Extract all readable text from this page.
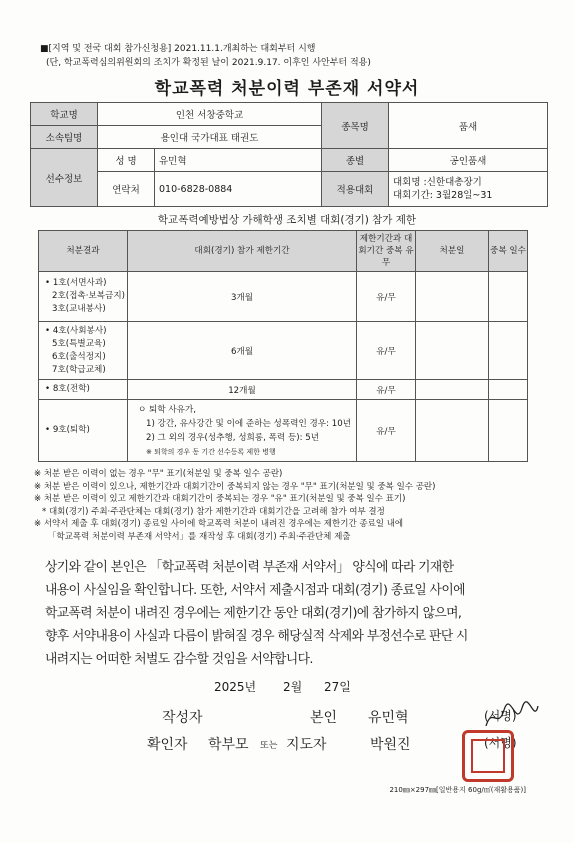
■[지역 및 전국 대회 참가신청용] 2021.11.1.개최하는 대회부터 시행
(단, 학교폭력심의위원회의 조치가 확정된 날이 2021.9.17. 이후인 사안부터 적용)
학교폭력 처분이력 부존재 서약서
학교명	인천 서창중학교		종목명	품새
소속팀명	용인대 국가대표 태권도			
선수정보	성 명	유민혁	종별	공인품새
	연락처	010-6828-0884	적용대회	대회명 :신한대총장기
대회기간: 3월28일~31
학교폭력예방법상 가해학생 조치별 대회(경기) 참가 제한
처분결과	대회(경기) 참가 제한기간	제한기간과 대회기간 중복 유무	처분일	중복 일수

• 1호(서면사과)
2호(접촉·보복금지)
3호(교내봉사)	3개월	유/무		

• 4호(사회봉사)
5호(특별교육)
6호(출석정지)
7호(학급교체)	6개월	유/무		
• 8호(전학)	12개월	유/무		
• 9호(퇴학)	ㅇ 퇴학 사유가,
1) 강간, 유사강간 및 이에 준하는 성폭력인 경우: 10년
2) 그 외의 경우(성추행, 성희롱, 폭력 등): 5년
※ 퇴학의 경우 동 기간 선수등록 제한 병행	유/무		
※ 처분 받은 이력이 없는 경우 "무" 표기(처분일 및 중복 일수 공란)
※ 처분 받은 이력이 있으나, 제한기간과 대회기간이 중복되지 않는 경우 "무" 표기(처분일 및 중복 일수 공란)
※ 처분 받은 이력이 있고 제한기간과 대회기간이 중복되는 경우 "유" 표기(처분일 및 중복 일수 표기)
* 대회(경기) 주최·주관단체는 대회(경기) 참가 제한기간과 대회기간을 고려해 참가 여부 결정
※ 서약서 제출 후 대회(경기) 종료일 사이에 학교폭력 처분이 내려진 경우에는 제한기간 종료일 내에
「학교폭력 처분이력 부존재 서약서」를 재작성 후 대회(경기) 주최·주관단체 제출
상기와 같이 본인은 「학교폭력 처분이력 부존재 서약서」 양식에 따라 기재한
내용이 사실임을 확인합니다. 또한, 서약서 제출시점과 대회(경기) 종료일 사이에
학교폭력 처분이 내려진 경우에는 제한기간 동안 대회(경기)에 참가하지 않으며,
향후 서약내용이 사실과 다름이 밝혀질 경우 해당실적 삭제와 부정선수로 판단 시
내려지는 어떠한 처벌도 감수할 것임을 서약합니다.
2025년 2월 27일
작성자	본인 유민혁	(서명)
확인자 학부모 또는 지도자	박원진	(서명)
210㎜×297㎜[일반용지 60g/㎡(재활용품)]
